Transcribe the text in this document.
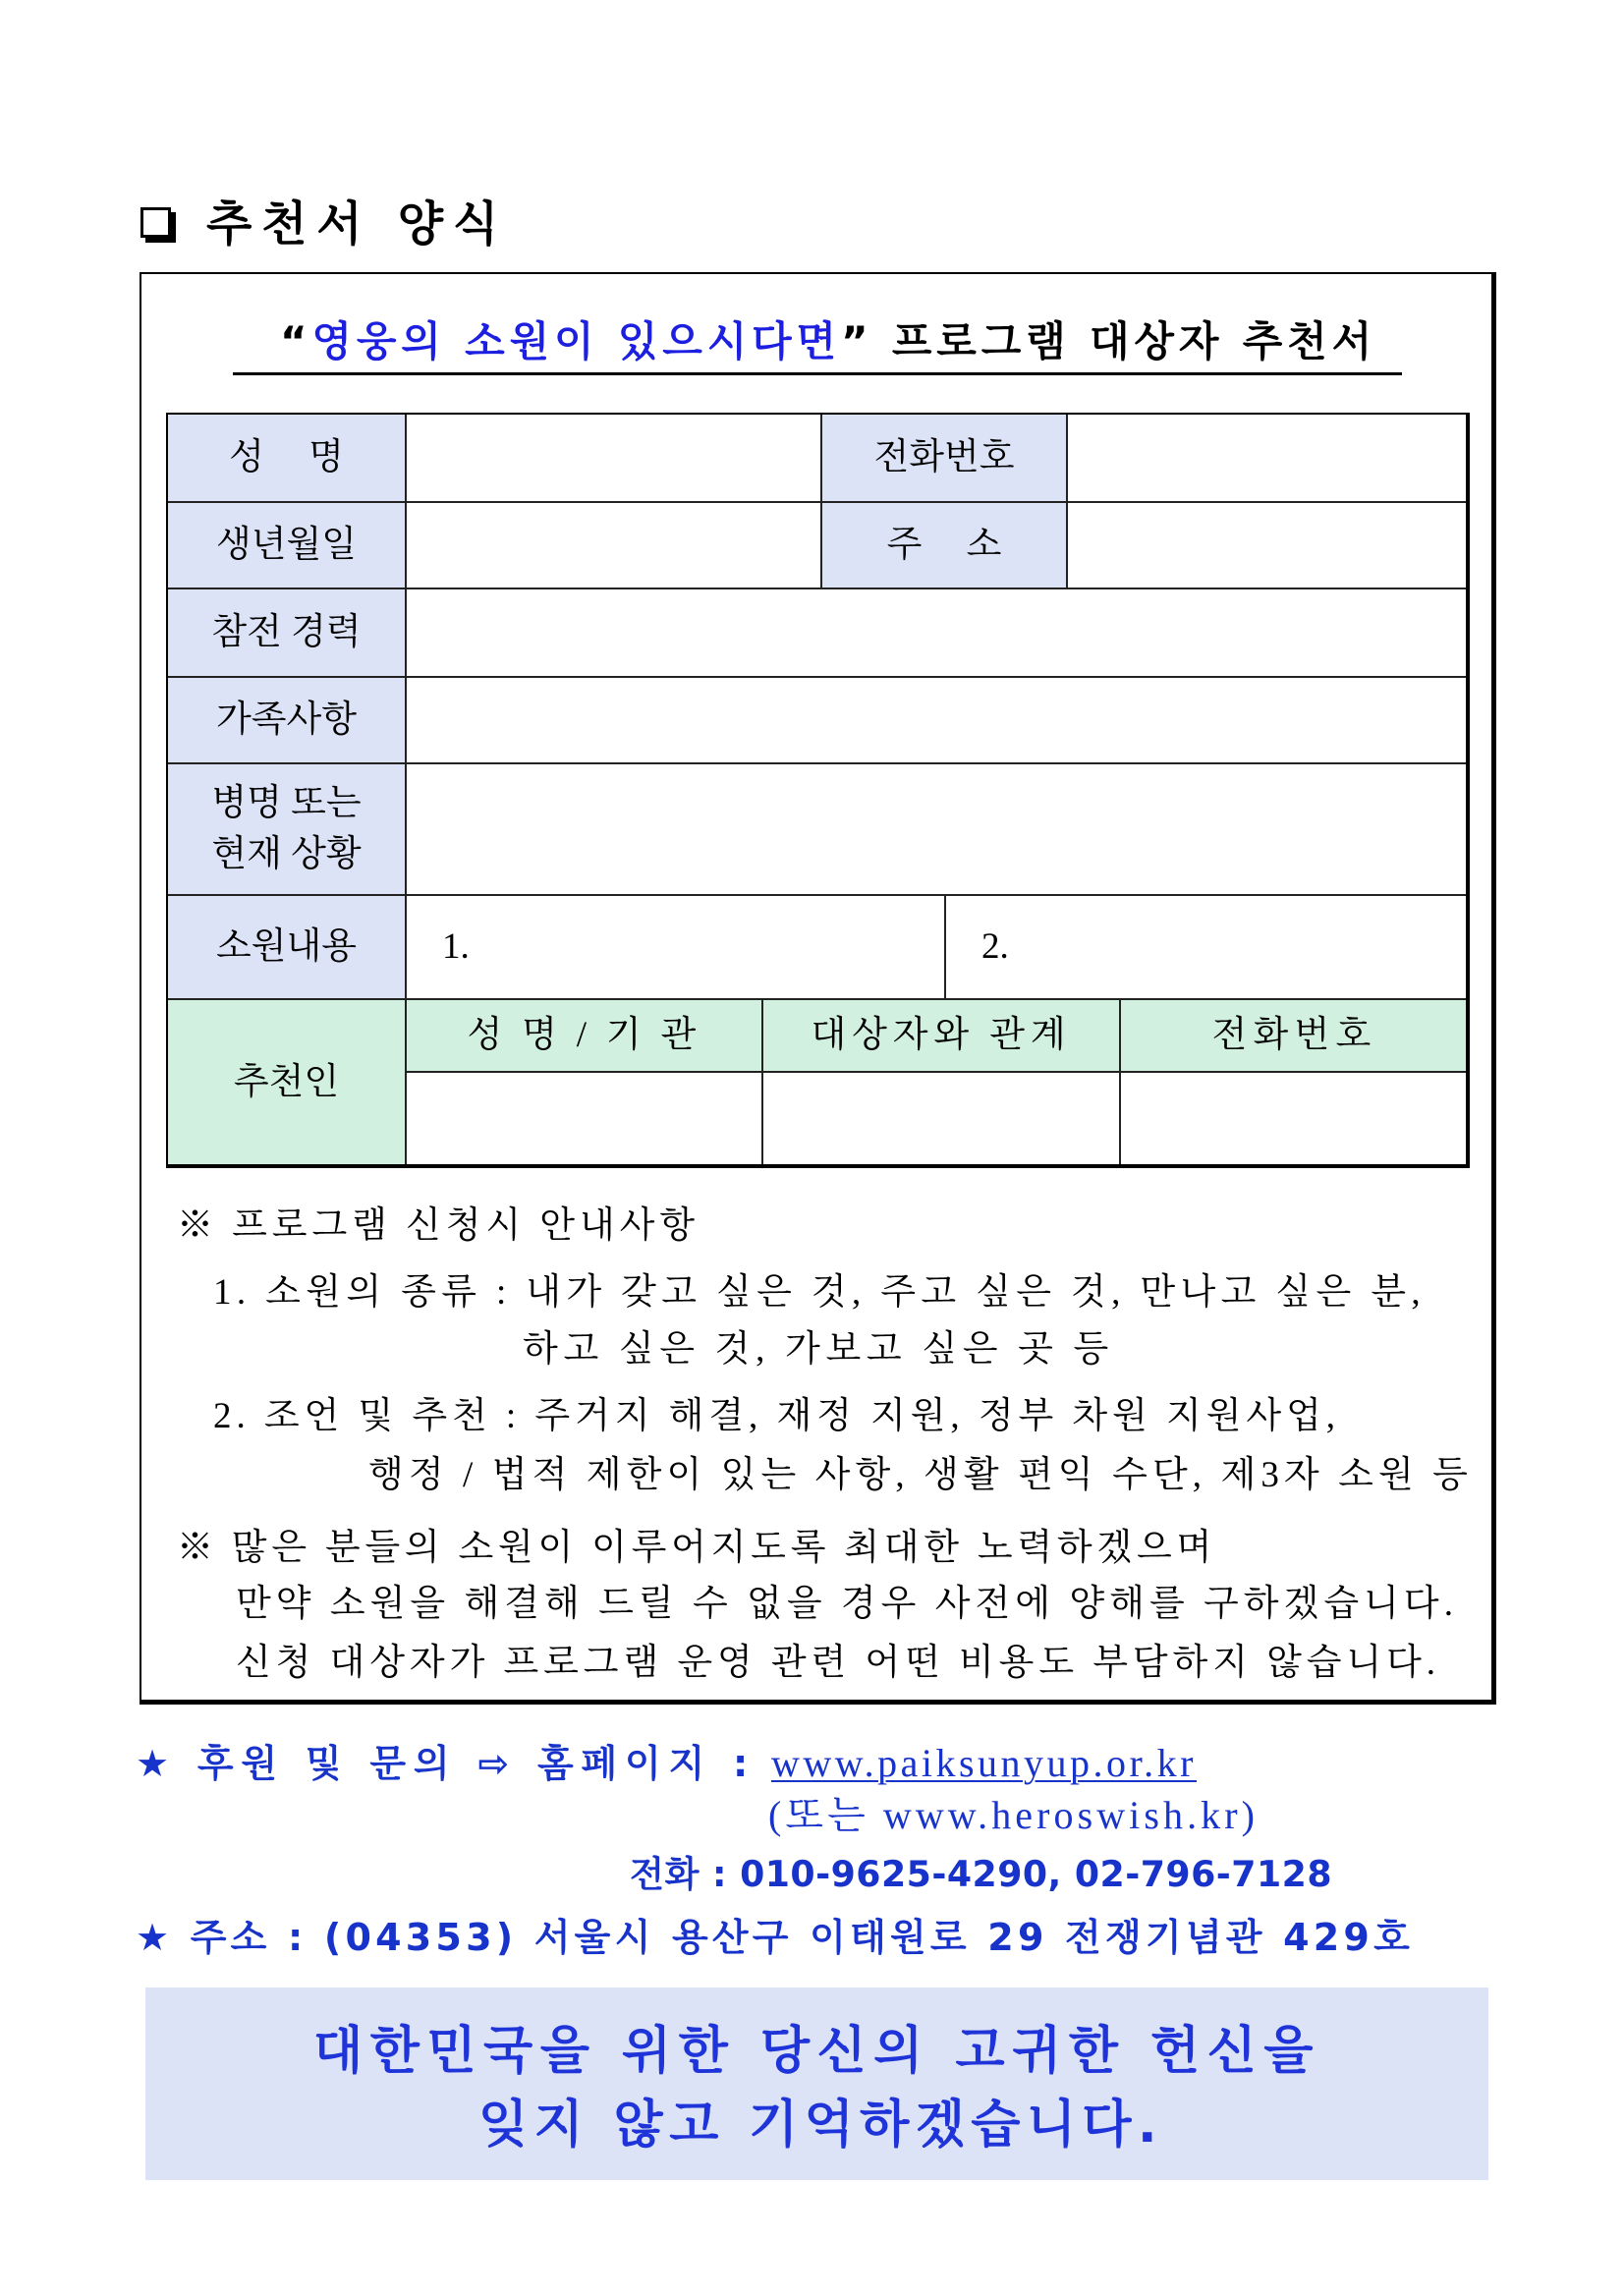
추천서 양식
“영웅의 소원이 있으시다면” 프로그램 대상자 추천서
성 명	전화번호
생년월일	주 소
참전 경력
가족사항
병명 또는
현재 상황
소원내용	1.	2.
추천인
성 명 / 기 관	대상자와 관계	전화번호
※ 프로그램 신청시 안내사항
1. 소원의 종류 : 내가 갖고 싶은 것, 주고 싶은 것, 만나고 싶은 분,
하고 싶은 것, 가보고 싶은 곳 등
2. 조언 및 추천 : 주거지 해결, 재정 지원, 정부 차원 지원사업,
행정 / 법적 제한이 있는 사항, 생활 편익 수단, 제3자 소원 등
※ 많은 분들의 소원이 이루어지도록 최대한 노력하겠으며
만약 소원을 해결해 드릴 수 없을 경우 사전에 양해를 구하겠습니다.
신청 대상자가 프로그램 운영 관련 어떤 비용도 부담하지 않습니다.
★ 후원 및 문의 ⇨ 홈페이지 : www.paiksunyup.or.kr
(또는 www.heroswish.kr)
전화 : 010-9625-4290, 02-796-7128
★ 주소 : (04353) 서울시 용산구 이태원로 29 전쟁기념관 429호
대한민국을 위한 당신의 고귀한 헌신을
잊지 않고 기억하겠습니다.
